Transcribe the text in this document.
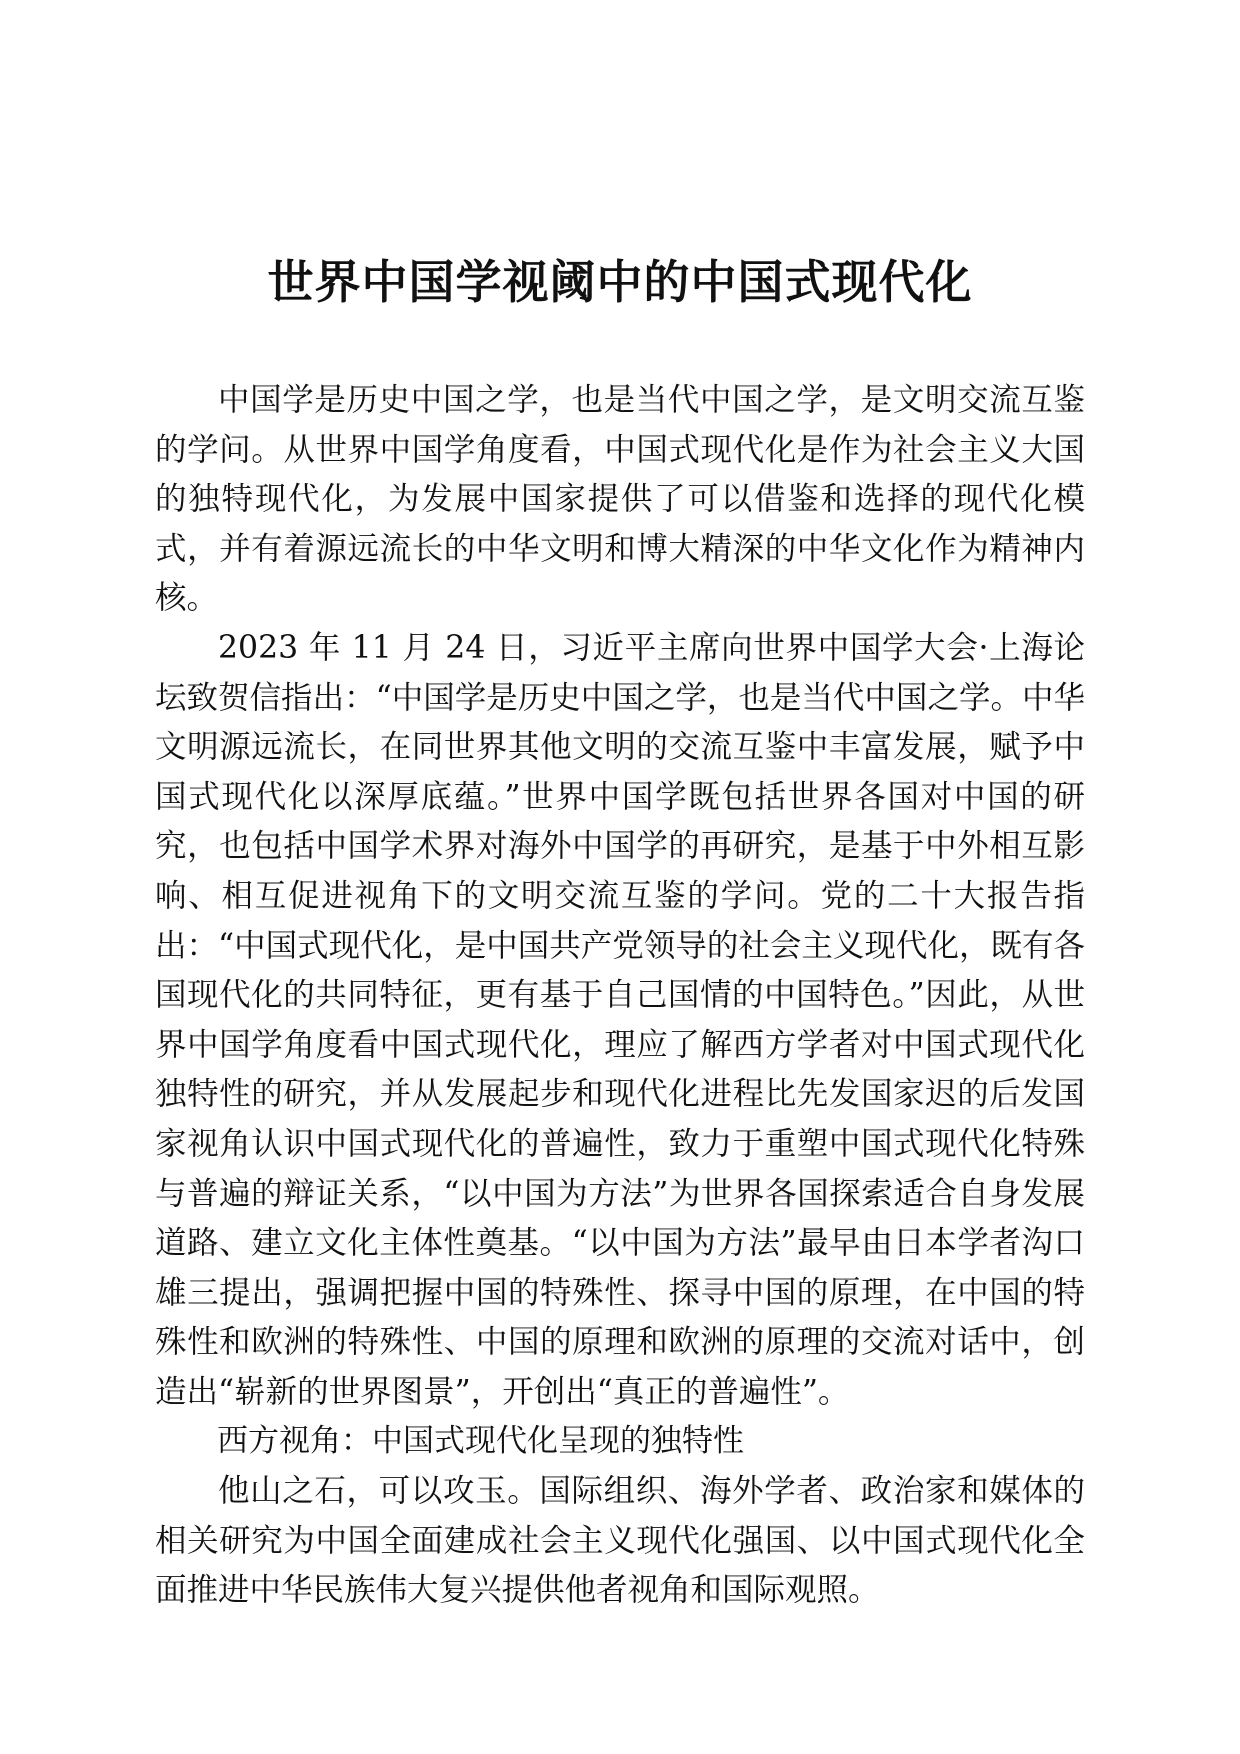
世界中国学视阈中的中国式现代化

中国学是历史中国之学，也是当代中国之学，是文明交流互鉴的学问。从世界中国学角度看，中国式现代化是作为社会主义大国的独特现代化，为发展中国家提供了可以借鉴和选择的现代化模式，并有着源远流长的中华文明和博大精深的中华文化作为精神内核。

2023 年 11 月 24 日，习近平主席向世界中国学大会·上海论坛致贺信指出：“中国学是历史中国之学，也是当代中国之学。中华文明源远流长，在同世界其他文明的交流互鉴中丰富发展，赋予中国式现代化以深厚底蕴。”世界中国学既包括世界各国对中国的研究，也包括中国学术界对海外中国学的再研究，是基于中外相互影响、相互促进视角下的文明交流互鉴的学问。党的二十大报告指出：“中国式现代化，是中国共产党领导的社会主义现代化，既有各国现代化的共同特征，更有基于自己国情的中国特色。”因此，从世界中国学角度看中国式现代化，理应了解西方学者对中国式现代化独特性的研究，并从发展起步和现代化进程比先发国家迟的后发国家视角认识中国式现代化的普遍性，致力于重塑中国式现代化特殊与普遍的辩证关系，“以中国为方法”为世界各国探索适合自身发展道路、建立文化主体性奠基。“以中国为方法”最早由日本学者沟口雄三提出，强调把握中国的特殊性、探寻中国的原理，在中国的特殊性和欧洲的特殊性、中国的原理和欧洲的原理的交流对话中，创造出“崭新的世界图景”，开创出“真正的普遍性”。

西方视角：中国式现代化呈现的独特性

他山之石，可以攻玉。国际组织、海外学者、政治家和媒体的相关研究为中国全面建成社会主义现代化强国、以中国式现代化全面推进中华民族伟大复兴提供他者视角和国际观照。
